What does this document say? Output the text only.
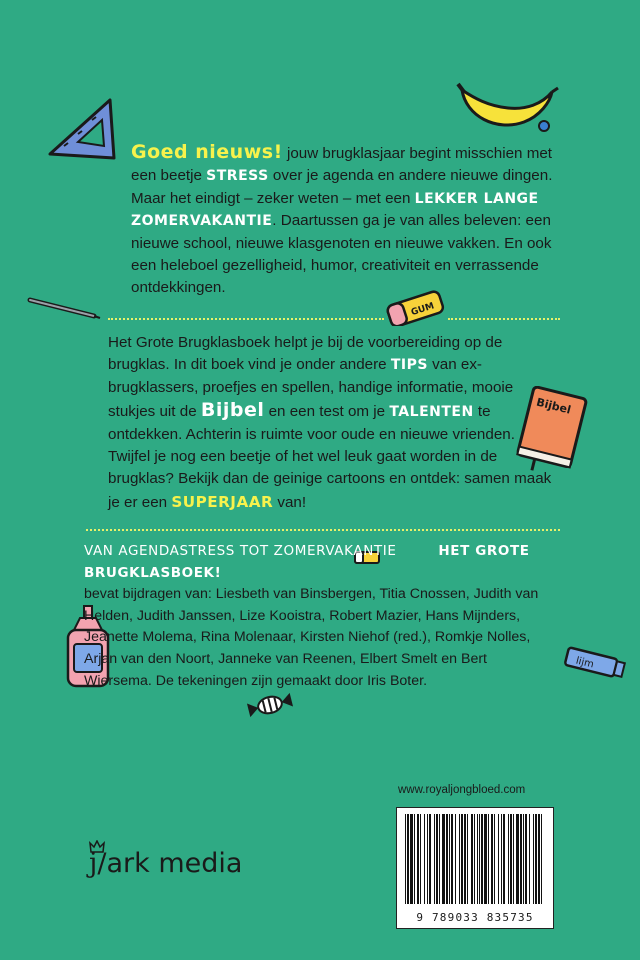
GUM
Bijbel
lijm
Goed nieuws! jouw brugklasjaar begint misschien met een beetje STRESS over je agenda en andere nieuwe dingen. Maar het eindigt – zeker weten – met een LEKKER LANGE ZOMERVAKANTIE. Daartussen ga je van alles beleven: een nieuwe school, nieuwe klasgenoten en nieuwe vakken. En ook een heleboel gezelligheid, humor, creativiteit en verrassende ontdekkingen.
Het Grote Brugklasboek helpt je bij de voorbereiding op de brugklas. In dit boek vind je onder andere TIPS van ex-brugklassers, proefjes en spellen, handige informatie, mooie stukjes uit de Bijbel en een test om je TALENTEN te ontdekken. Achterin is ruimte voor oude en nieuwe vrienden. Twijfel je nog een beetje of het wel leuk gaat worden in de brugklas? Bekijk dan de geinige cartoons en ontdek: samen maak je er een SUPERJAAR van!
VAN AGENDASTRESS TOT ZOMERVAKANTIE	HET GROTE BRUGKLASBOEK!
bevat bijdragen van: Liesbeth van Binsbergen, Titia Cnossen, Judith van Helden, Judith Janssen, Lize Kooistra, Robert Mazier, Hans Mijnders, Jeanette Molema, Rina Molenaar, Kirsten Niehof (red.), Romkje Nolles, Arjan van den Noort, Janneke van Reenen, Elbert Smelt en Bert Wiersema. De tekeningen zijn gemaakt door Iris Boter.
www.royaljongbloed.com
9 789033 835735
j/ark media
